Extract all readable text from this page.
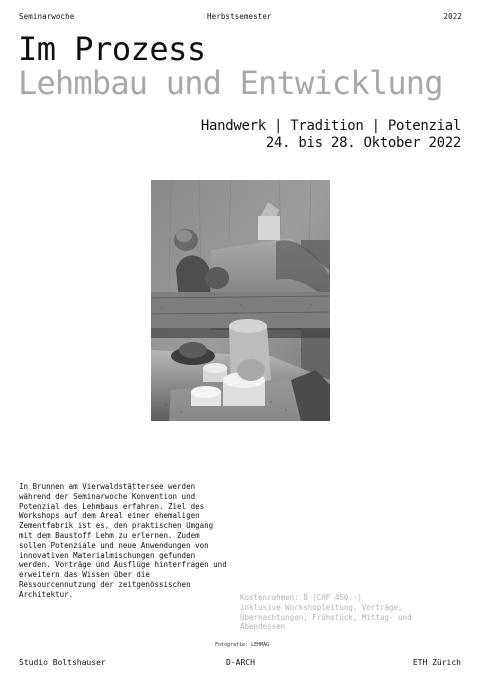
Seminarwoche	Herbstsemester	2022
Im Prozess
Lehmbau und Entwicklung
Handwerk | Tradition | Potenzial
24. bis 28. Oktober 2022
In Brunnen am Vierwaldstättersee werden
während der Seminarwoche Konvention und
Potenzial des Lehmbaus erfahren. Ziel des
Workshops auf dem Areal einer ehemaligen
Zementfabrik ist es, den praktischen Umgang
mit dem Baustoff Lehm zu erlernen. Zudem
sollen Potenziale und neue Anwendungen von
innovativen Materialmischungen gefunden
werden. Vorträge und Ausflüge hinterfragen und
erweitern das Wissen über die
Ressourcennutzung der zeitgenössischen
Architektur.	Kostenrahmen: B (CHF 450.-)
inklusive Workshopleitung, Vorträge,
Übernachtungen, Frühstück, Mittag- und
Abendessen
Fotografie: LEHMAG
Studio Boltshauser	D-ARCH	ETH Zürich
